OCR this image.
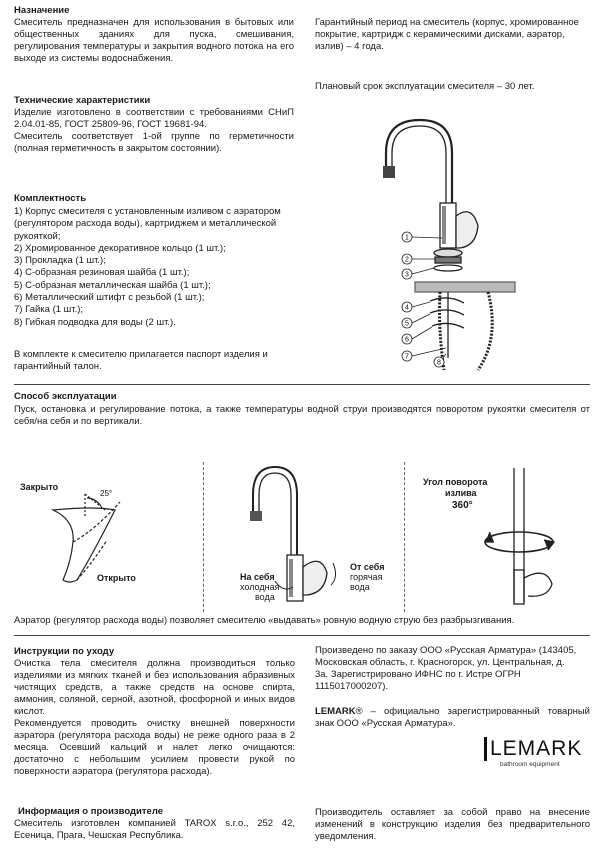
Назначение
Смеситель предназначен для использования в бытовых или общественных зданиях для пуска, смешивания, регулирования температуры и закрытия водного потока на его выходе из системы водоснабжения.
Технические характеристики
Изделие изготовлено в соответствии с требованиями СНиП 2.04.01-85, ГОСТ 25809-96, ГОСТ 19681-94.
Смеситель соответствует 1-ой группе по герметичности (полная герметичность в закрытом состоянии).
Комплектность
1) Корпус смесителя с установленным изливом с аэратором
(регулятором расхода воды), картриджем и металлической
рукояткой;
2) Хромированное декоративное кольцо (1 шт.);
3) Прокладка (1 шт.);
4) С-образная резиновая шайба (1 шт.);
5) С-образная металлическая шайба (1 шт.);
6) Металлический штифт с резьбой (1 шт.);
7) Гайка (1 шт.);
8) Гибкая подводка для воды (2 шт.).
В комплекте к смесителю прилагается паспорт изделия и гарантийный талон.
Гарантийный период на смеситель (корпус, хромированное покрытие, картридж с керамическими дисками, аэратор, излив) – 4 года.
Плановый срок эксплуатации смесителя – 30 лет.
1
2
3
4
5
6
7
8
Способ эксплуатации
Пуск, остановка и регулирование потока, а также температуры водной струи производятся поворотом рукоятки смесителя от себя/на себя и по вертикали.
Закрыто
Открыто
25°
На себя
холодная
вода
От себя
горячая
вода
Угол поворота
излива
360°
Аэратор (регулятор расхода воды) позволяет смесителю «выдавать» ровную водную струю без разбрызгивания.
Инструкции по уходу
Очистка тела смесителя должна производиться только изделиями из мягких тканей и без использования абразивных чистящих средств, а также средств на основе спирта, аммония, соляной, серной, азотной, фосфорной и иных видов кислот.
Рекомендуется проводить очистку внешней поверхности аэратора (регулятора расхода воды) не реже одного раза в 2 месяца. Осевший кальций и налет легко очищаются: достаточно с небольшим усилием провести рукой по поверхности аэратора (регулятора расхода).
Информация о производителе
Смеситель изготовлен компанией TAROX s.r.o., 252 42, Есеница, Прага, Чешская Республика.
Произведено по заказу ООО «Русская Арматура» (143405, Московская область, г. Красногорск, ул. Центральная, д. 3а. Зарегистрировано ИФНС по г. Истре ОГРН 1115017000207).
LEMARK® – официально зарегистрированный товарный знак ООО «Русская Арматура».
LEMARK
bathroom equipment
Производитель оставляет за собой право на внесение изменений в конструкцию изделия без предварительного уведомления.
